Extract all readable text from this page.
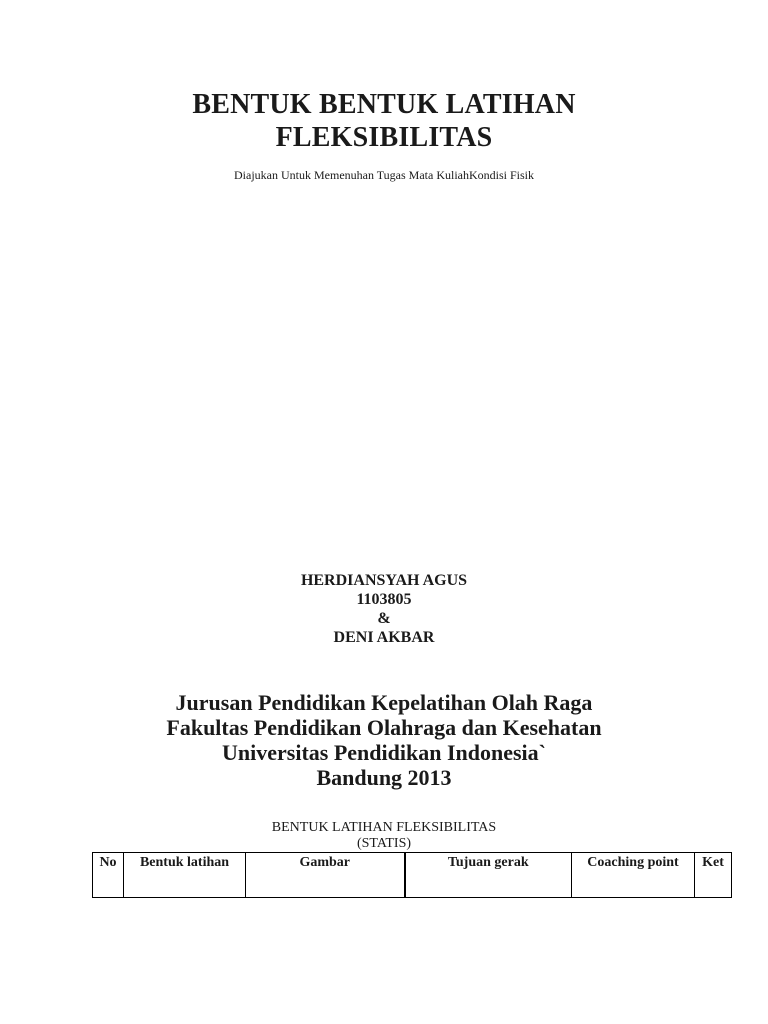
BENTUK BENTUK LATIHAN
FLEKSIBILITAS
Diajukan Untuk Memenuhan Tugas Mata KuliahKondisi Fisik
HERDIANSYAH AGUS
1103805
&
DENI AKBAR
Jurusan Pendidikan Kepelatihan Olah Raga
Fakultas Pendidikan Olahraga dan Kesehatan
Universitas Pendidikan Indonesia`
Bandung 2013
BENTUK LATIHAN FLEKSIBILITAS
(STATIS)
No	Bentuk latihan	Gambar	Tujuan gerak	Coaching point	Ket
